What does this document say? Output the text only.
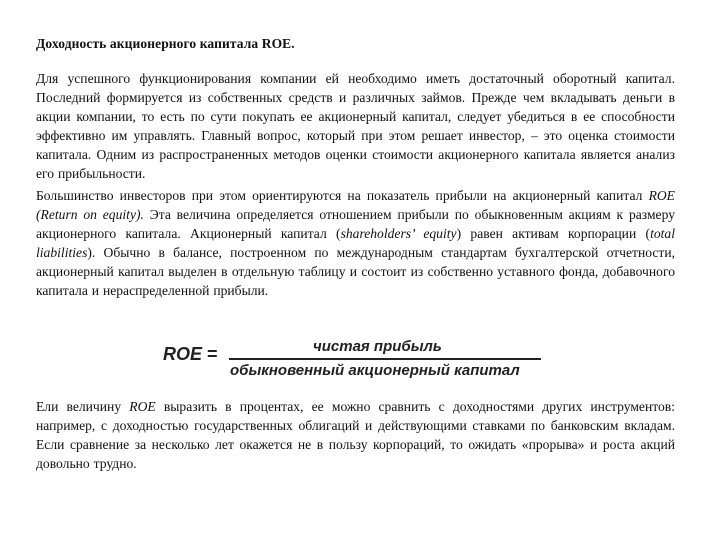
Доходность акционерного капитала ROE.

Для успешного функционирования компании ей необходимо иметь достаточный оборотный капитал. Последний формируется из собственных средств и различных займов. Прежде чем вкладывать деньги в акции компании, то есть по сути покупать ее акционерный капитал, следует убедиться в ее способности эффективно им управлять. Главный вопрос, который при этом решает инвестор, – это оценка стоимости капитала. Одним из распространенных методов оценки стоимости акционерного капитала является анализ его прибыльности.

Большинство инвесторов при этом ориентируются на показатель прибыли на акционерный капитал ROE (Return on equity). Эта величина определяется отношением прибыли по обыкновенным акциям к размеру акционерного капитала. Акционерный капитал (shareholders’ equity) равен активам корпорации (total liabilities). Обычно в балансе, построенном по международным стандартам бухгалтерской отчетности, акционерный капитал выделен в отдельную таблицу и состоит из собственно уставного фонда, добавочного капитала и нераспределенной прибыли.

ROE =	чистая прибыль
обыкновенный акционерный капитал

Ели величину ROE выразить в процентах, ее можно сравнить с доходностями других инструментов: например, с доходностью государственных облигаций и действующими ставками по банковским вкладам. Если сравнение за несколько лет окажется не в пользу корпораций, то ожидать «прорыва» и роста акций довольно трудно.
